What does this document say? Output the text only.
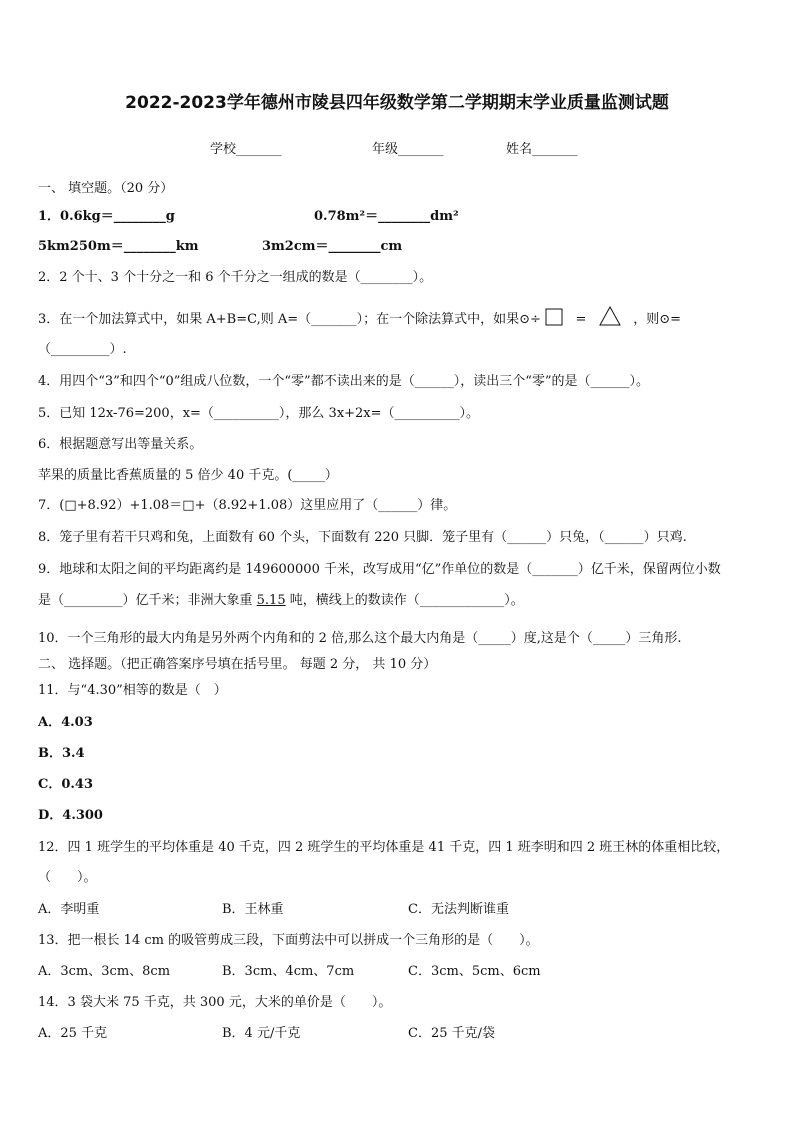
2022-2023学年德州市陵县四年级数学第二学期期末学业质量监测试题
学校_______	年级_______	姓名_______
一、 填空题。（20 分）
1．0.6kg＝________g	0.78m²＝________dm²
5km250m＝________km	3m2cm＝________cm
2．2 个十、3 个十分之一和 6 个千分之一组成的数是（________）。
3．在一个加法算式中，如果 A+B=C,则 A=（_______）；在一个除法算式中，如果⊙÷	=	，则⊙=
（_________）.
4．用四个“3”和四个“0”组成八位数，一个“零”都不读出来的是（______），读出三个“零”的是（______）。
5．已知 12x-76=200，x=（__________），那么 3x+2x=（__________）。
6．根据题意写出等量关系。
苹果的质量比香蕉质量的 5 倍少 40 千克。(_____）
7．(□+8.92）+1.08＝□+（8.92+1.08）这里应用了（______）律。
8．笼子里有若干只鸡和兔，上面数有 60 个头，下面数有 220 只脚．笼子里有（______）只兔，（______）只鸡.
9．地球和太阳之间的平均距离约是 149600000 千米，改写成用“亿”作单位的数是（_______）亿千米，保留两位小数
是（_________）亿千米；非洲大象重 5.15 吨，横线上的数读作（_____________）。
10．一个三角形的最大内角是另外两个内角和的 2 倍,那么这个最大内角是（_____）度,这是个（_____）三角形.
二、 选择题。（把正确答案序号填在括号里。 每题 2 分， 共 10 分）
11．与“4.30”相等的数是（　）
A．4.03
B．3.4
C．0.43
D．4.300
12．四 1 班学生的平均体重是 40 千克，四 2 班学生的平均体重是 41 千克，四 1 班李明和四 2 班王林的体重相比较，
（　　）。
A．李明重	B．王林重	C．无法判断谁重
13．把一根长 14 cm 的吸管剪成三段，下面剪法中可以拼成一个三角形的是（　　）。
A．3cm、3cm、8cm	B．3cm、4cm、7cm	C．3cm、5cm、6cm
14．3 袋大米 75 千克，共 300 元，大米的单价是（　　）。
A．25 千克	B．4 元/千克	C．25 千克/袋
